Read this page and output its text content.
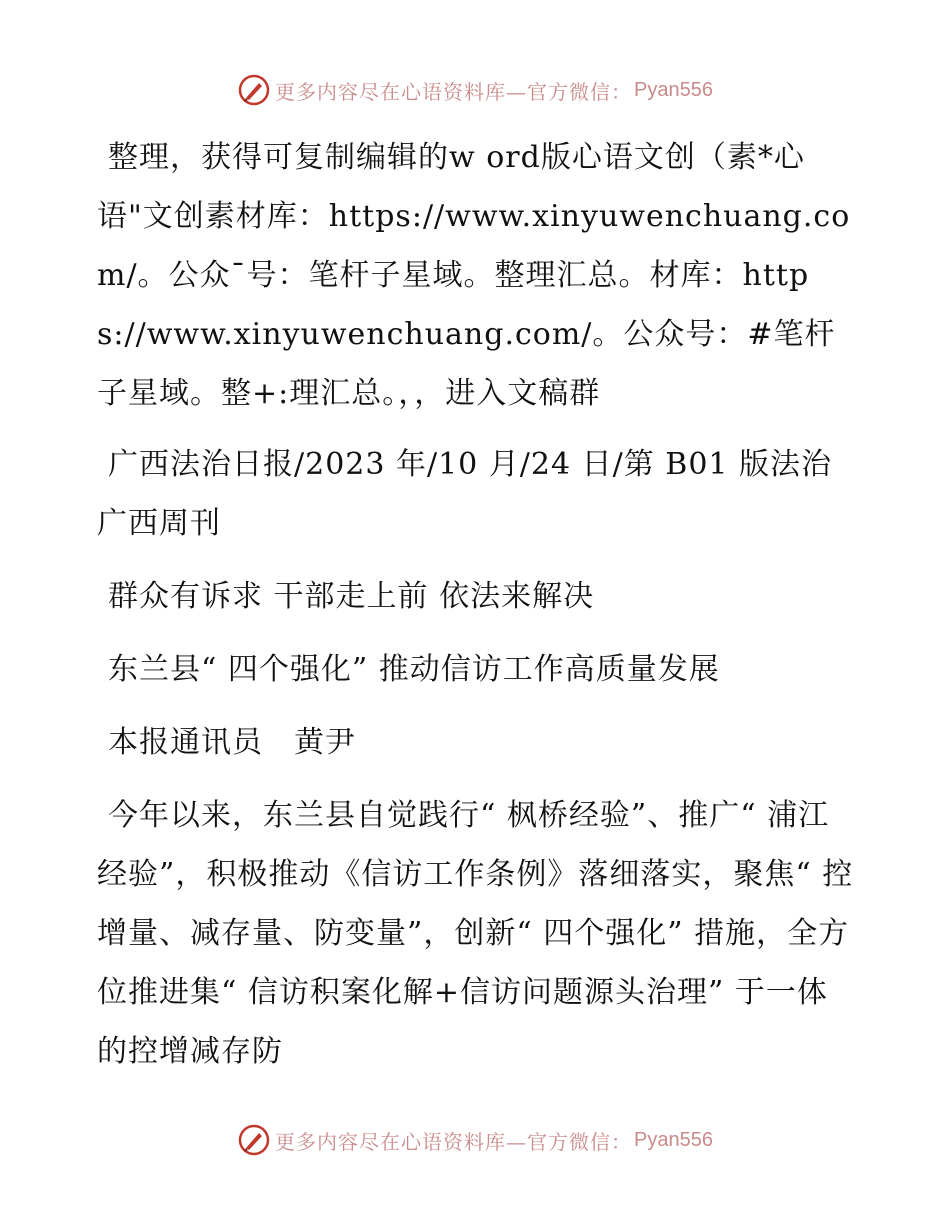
更多内容尽在心语资料库—官方微信： Pyan556

整理，获得可复制编辑的w ord版心语文创（素*心语"文创素材库：https://www.xinyuwenchuang.com/。公众¯号：笔杆子星域。整理汇总。材库：https://www.xinyuwenchuang.com/。公众号：#笔杆子星域。整+:理汇总。，，进入文稿群

广西法治日报/2023 年/10 月/24 日/第 B01 版法治广西周刊

群众有诉求 干部走上前 依法来解决

东兰县“ 四个强化” 推动信访工作高质量发展

本报通讯员　黄尹

今年以来，东兰县自觉践行“ 枫桥经验”、推广“ 浦江经验”，积极推动《信访工作条例》落细落实，聚焦“ 控增量、减存量、防变量”，创新“ 四个强化” 措施，全方位推进集“ 信访积案化解+信访问题源头治理” 于一体的控增减存防

更多内容尽在心语资料库—官方微信： Pyan556
